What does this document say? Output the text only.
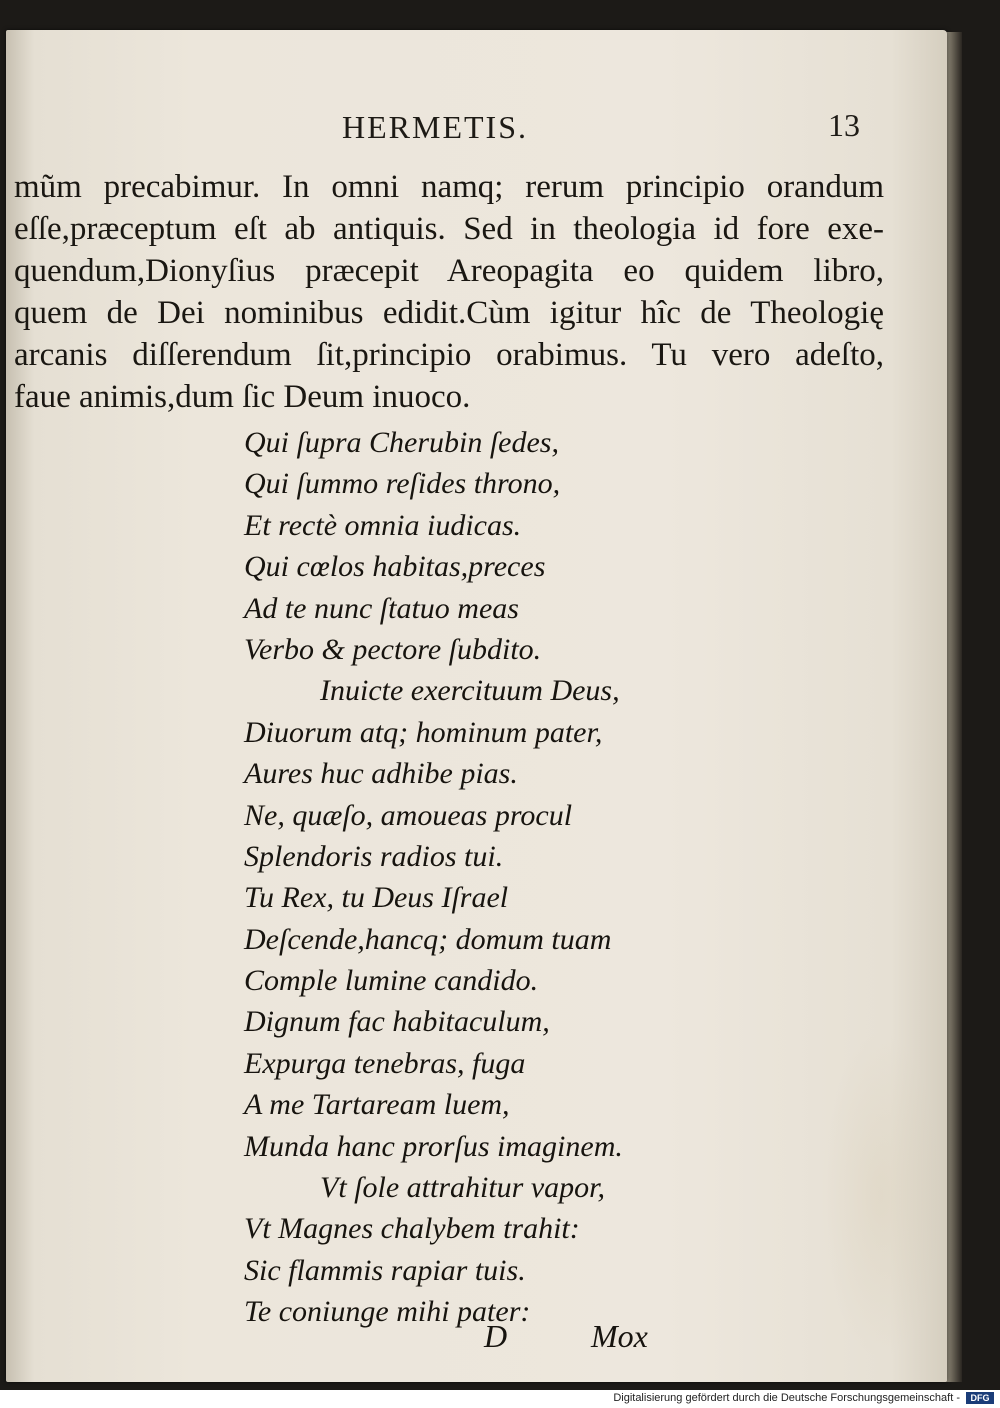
HERMETIS.	13
mũm precabimur. In omni namq; rerum principio orandum
eſſe,præceptum eſt ab antiquis. Sed in theologia id fore exe-
quendum,Dionyſius præcepit Areopagita eo quidem libro,
quem de Dei nominibus edidit.Cùm igitur hîc de Theologię
arcanis diſſerendum ſit,principio orabimus. Tu vero adeſto,
faue animis,dum ſic Deum inuoco.
Qui ſupra Cherubin ſedes,
Qui ſummo reſides throno,
Et rectè omnia iudicas.
Qui cœlos habitas,preces
Ad te nunc ſtatuo meas
Verbo & pectore ſubdito.
Inuicte exercituum Deus,
Diuorum atq; hominum pater,
Aures huc adhibe pias.
Ne, quæſo, amoueas procul
Splendoris radios tui.
Tu Rex, tu Deus Iſrael
Deſcende,hancq; domum tuam
Comple lumine candido.
Dignum fac habitaculum,
Expurga tenebras, fuga
A me Tartaream luem,
Munda hanc prorſus imaginem.
Vt ſole attrahitur vapor,
Vt Magnes chalybem trahit:
Sic flammis rapiar tuis.
Te coniunge mihi pater:
D	Mox
Digitalisierung gefördert durch die Deutsche Forschungsgemeinschaft -	DFG
